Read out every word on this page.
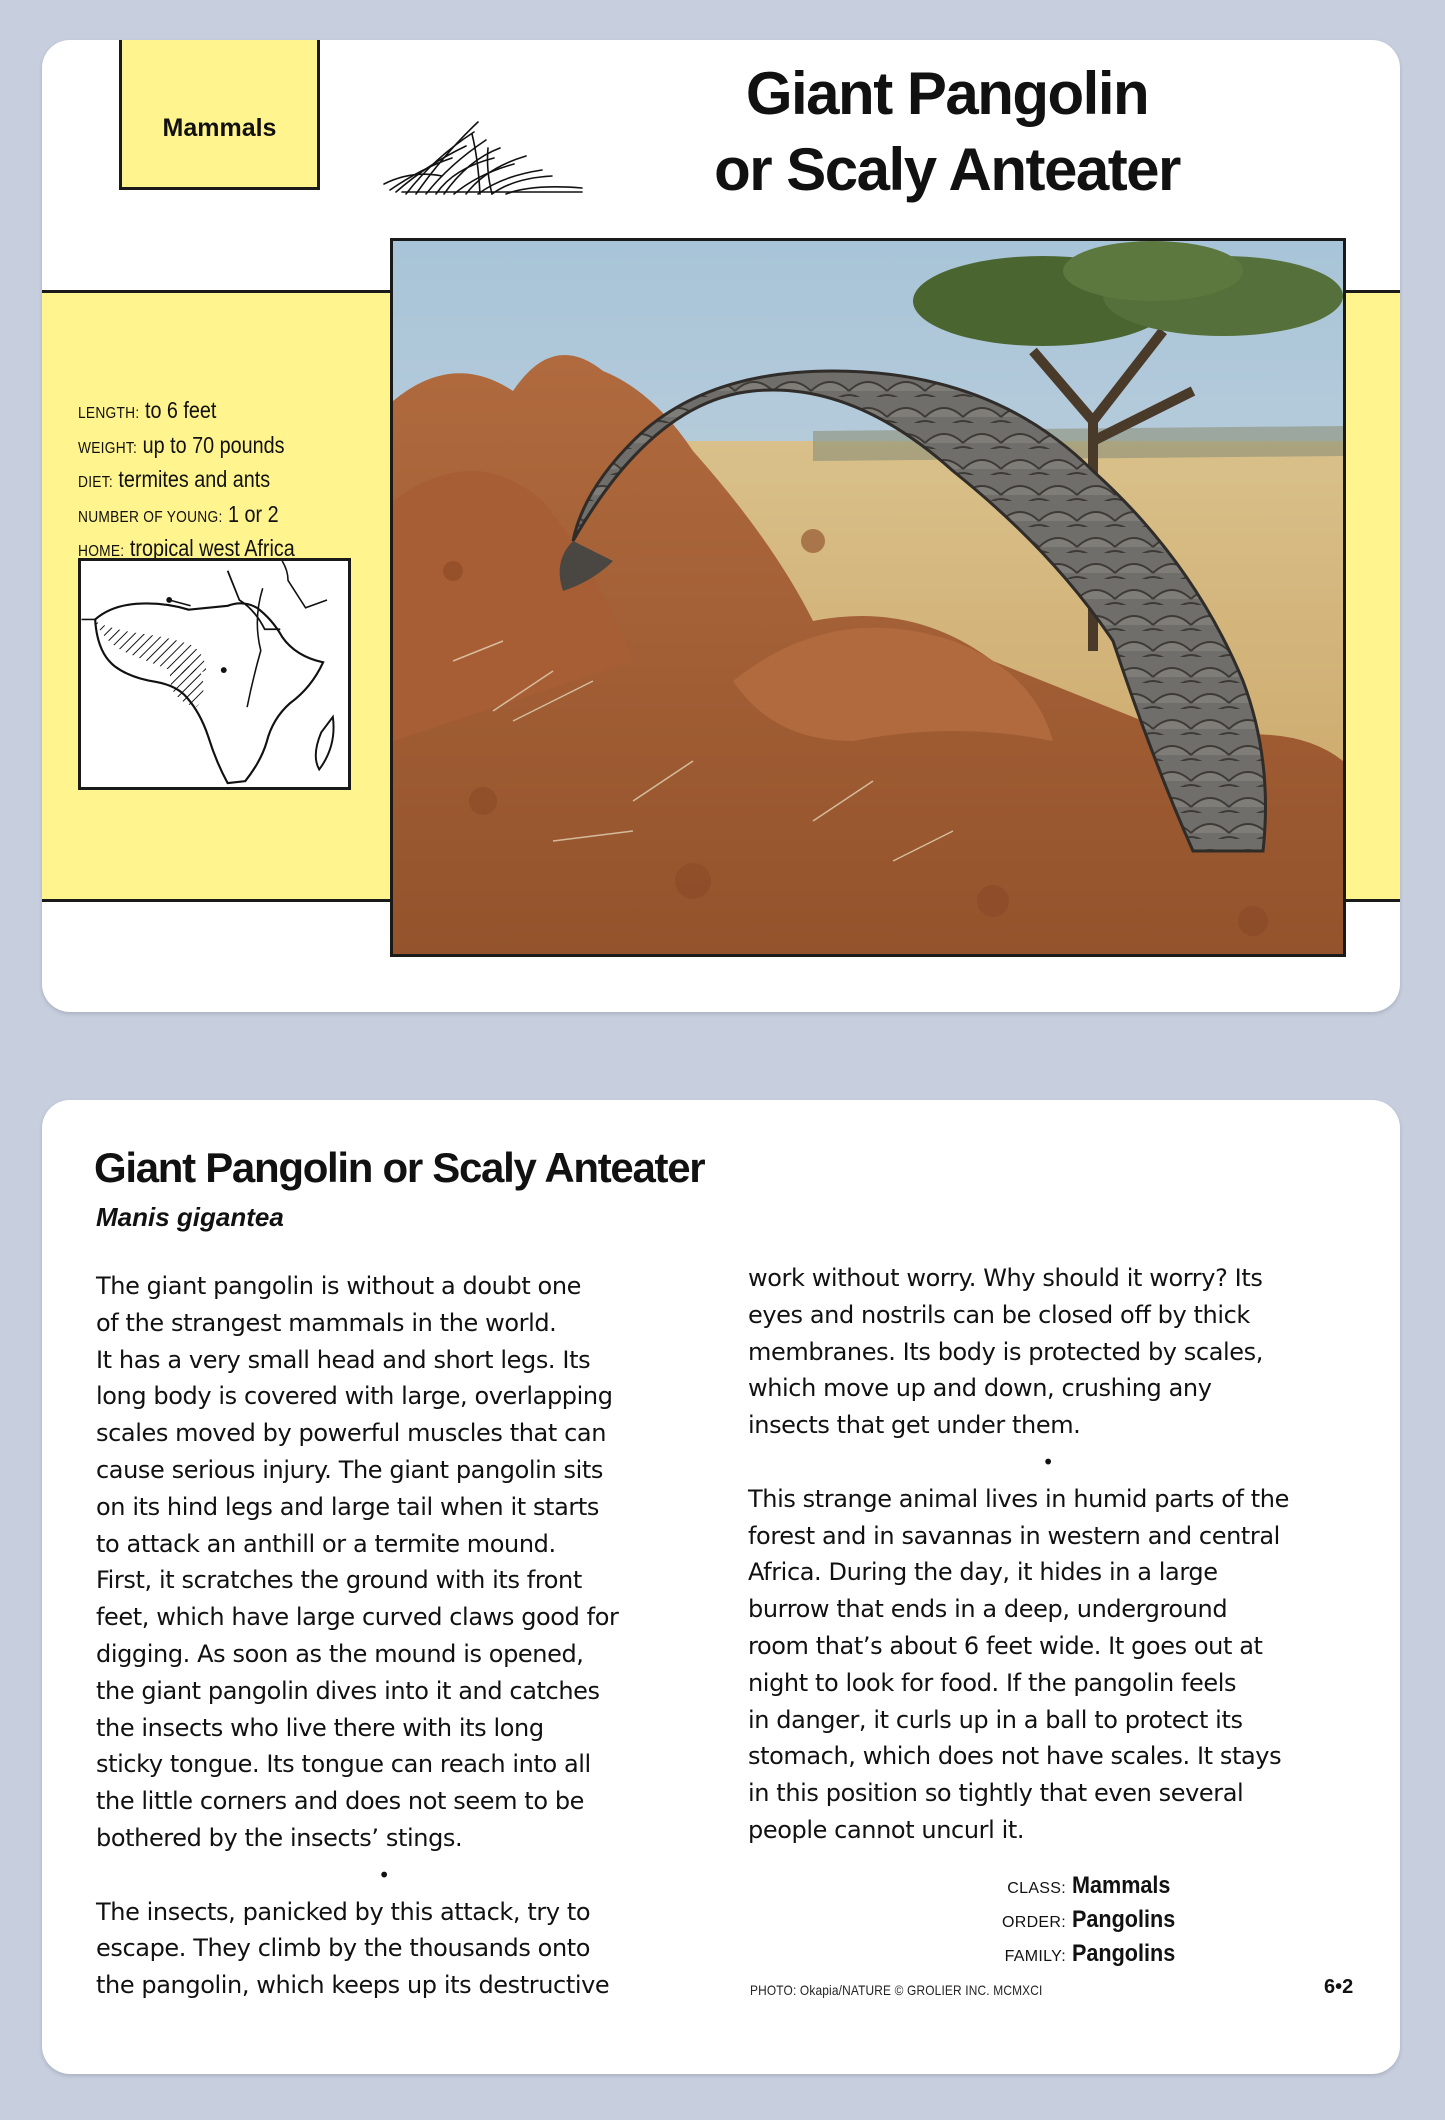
Mammals
Giant Pangolin
or Scaly Anteater
LENGTH: to 6 feet
WEIGHT: up to 70 pounds
DIET: termites and ants
NUMBER OF YOUNG: 1 or 2
HOME: tropical west Africa
Giant Pangolin or Scaly Anteater
Manis gigantea
The giant pangolin is without a doubt one
of the strangest mammals in the world.
It has a very small head and short legs. Its
long body is covered with large, overlapping
scales moved by powerful muscles that can
cause serious injury. The giant pangolin sits
on its hind legs and large tail when it starts
to attack an anthill or a termite mound.
First, it scratches the ground with its front
feet, which have large curved claws good for
digging. As soon as the mound is opened,
the giant pangolin dives into it and catches
the insects who live there with its long
sticky tongue. Its tongue can reach into all
the little corners and does not seem to be
bothered by the insects’ stings.
•
The insects, panicked by this attack, try to
escape. They climb by the thousands onto
the pangolin, which keeps up its destructive
work without worry. Why should it worry? Its
eyes and nostrils can be closed off by thick
membranes. Its body is protected by scales,
which move up and down, crushing any
insects that get under them.
•
This strange animal lives in humid parts of the
forest and in savannas in western and central
Africa. During the day, it hides in a large
burrow that ends in a deep, underground
room that’s about 6 feet wide. It goes out at
night to look for food. If the pangolin feels
in danger, it curls up in a ball to protect its
stomach, which does not have scales. It stays
in this position so tightly that even several
people cannot uncurl it.
CLASS: Mammals
ORDER: Pangolins
FAMILY: Pangolins
PHOTO: Okapia/NATURE © GROLIER INC. MCMXCI	6•2
